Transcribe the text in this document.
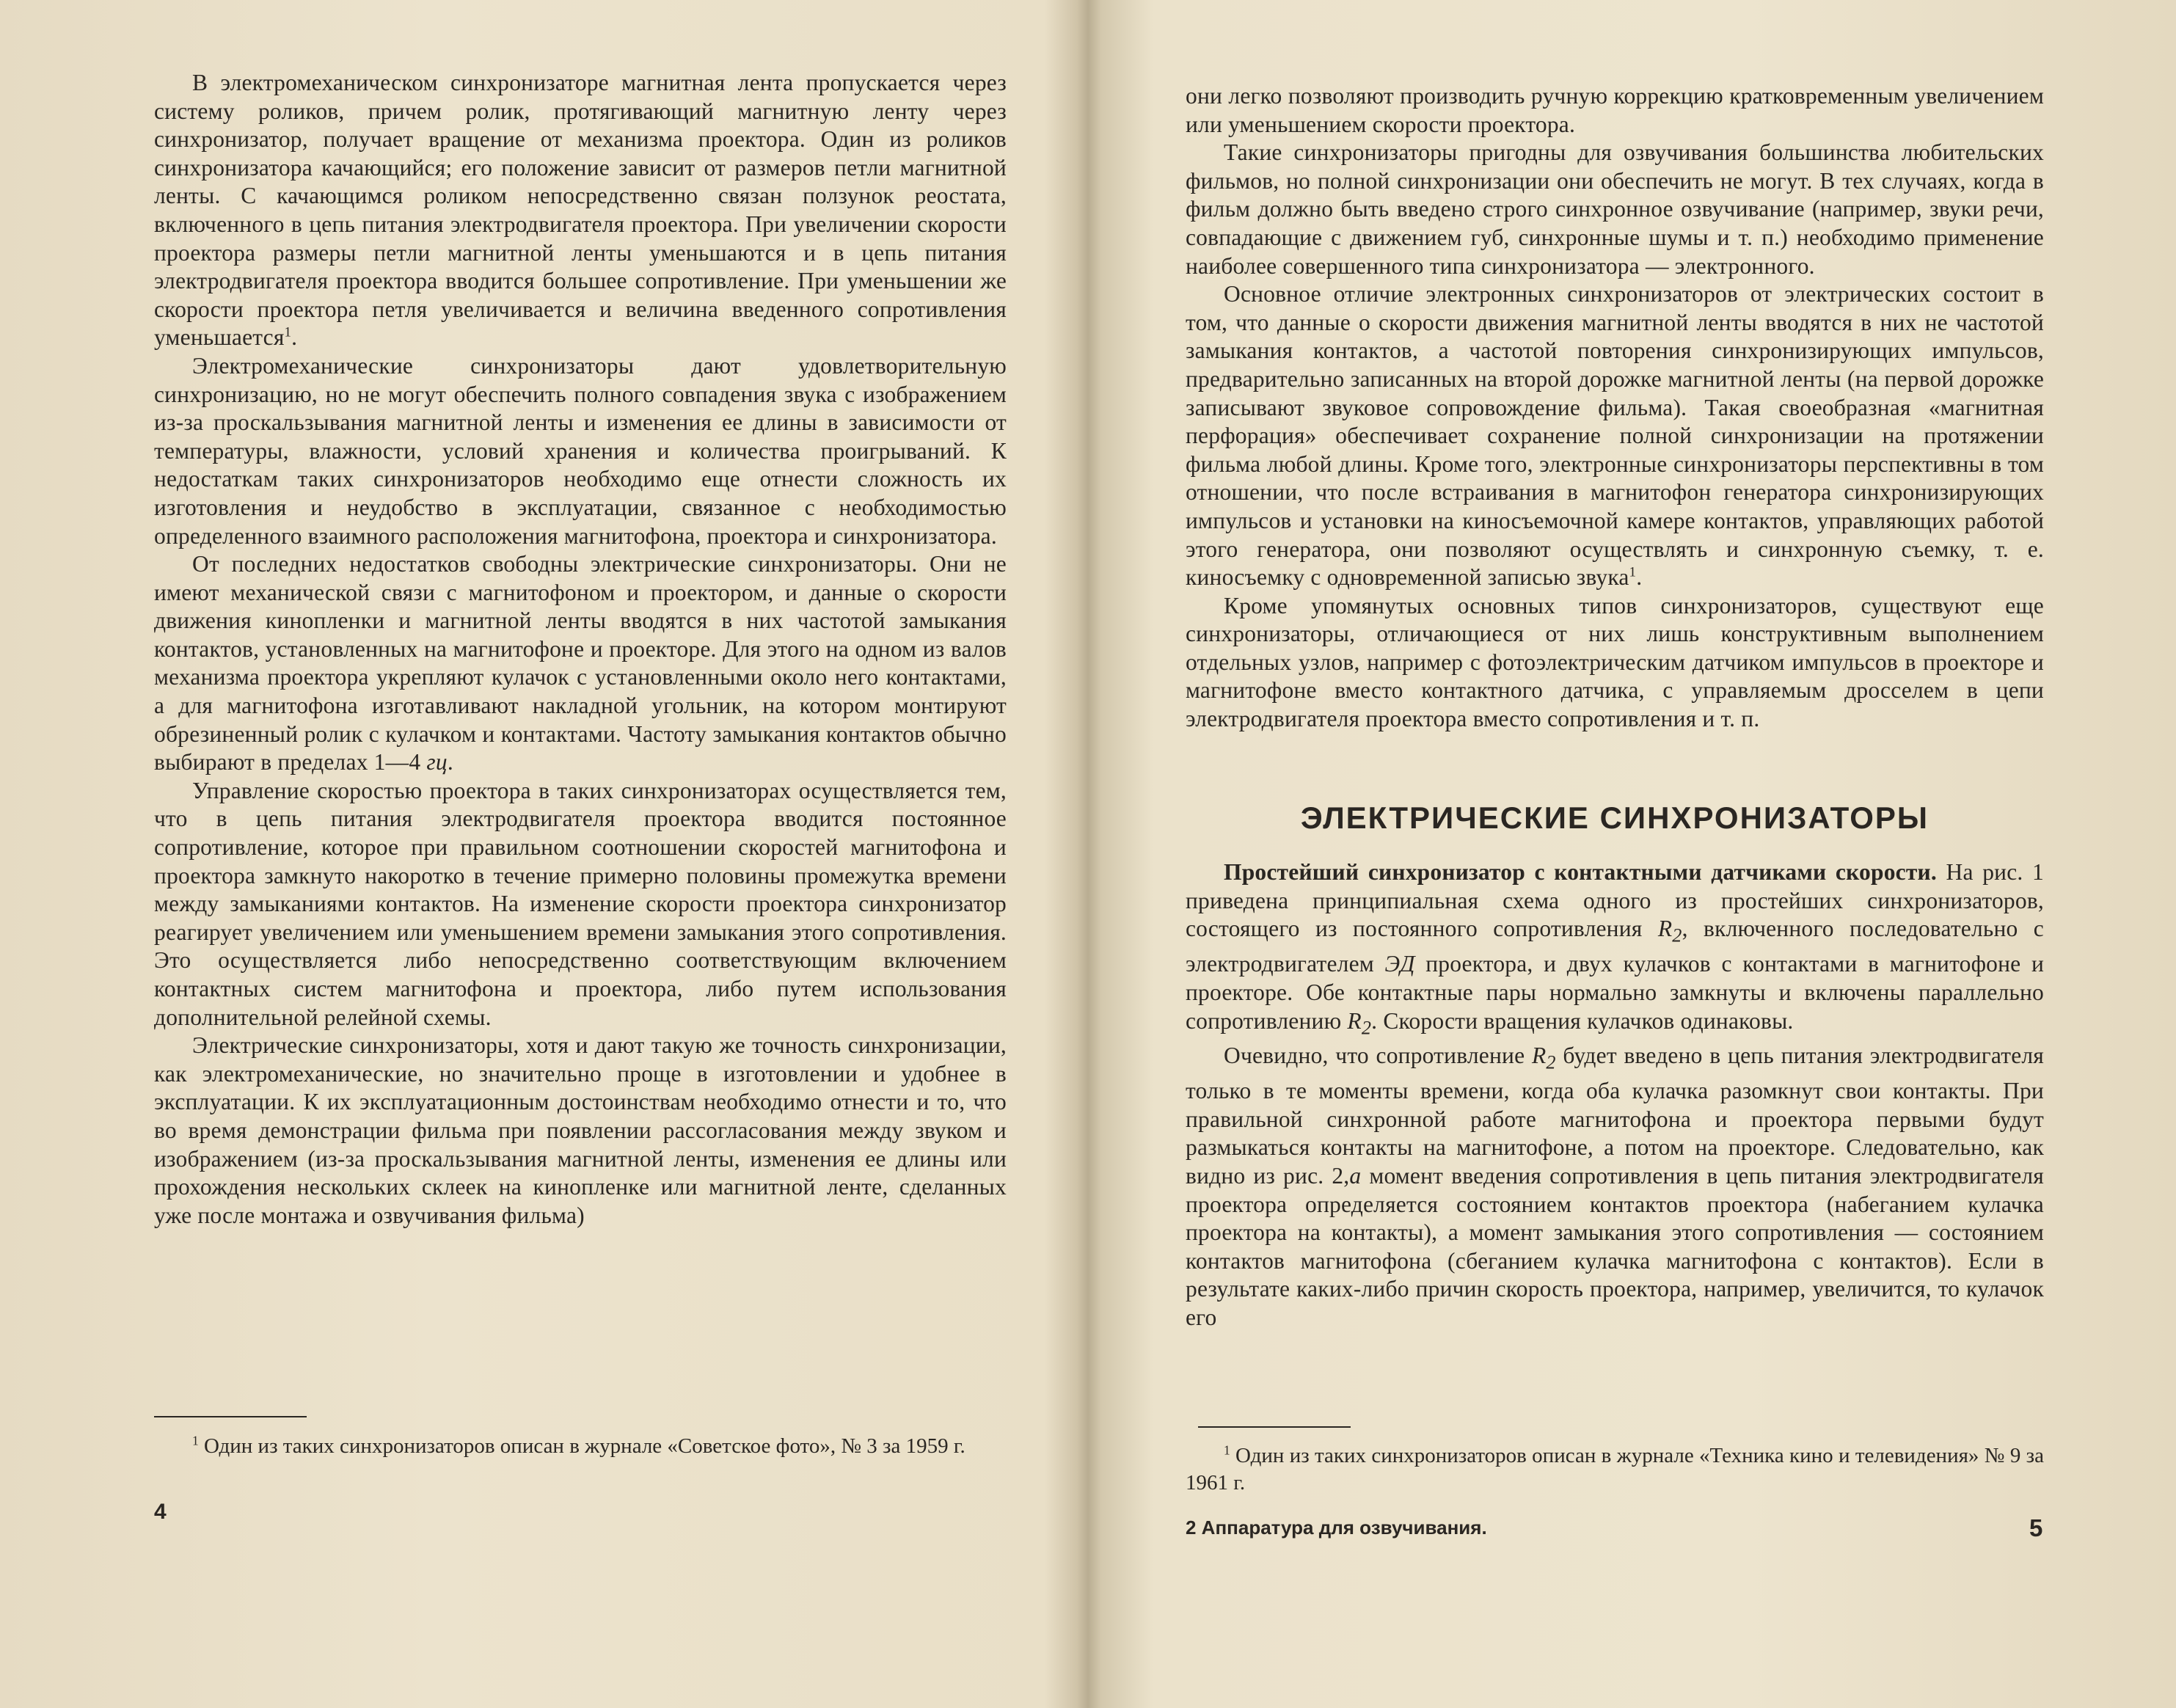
В электромеханическом синхронизаторе магнитная лента пропускается через систему роликов, причем ролик, протягивающий магнитную ленту через синхронизатор, получает вращение от механизма проектора. Один из роликов синхронизатора качающийся; его положение зависит от размеров петли магнитной ленты. С качающимся роликом непосредственно связан ползунок реостата, включенного в цепь питания электродвигателя проектора. При увеличении скорости проектора размеры петли магнитной ленты уменьшаются и в цепь питания электродвигателя проектора вводится большее сопротивление. При уменьшении же скорости проектора петля увеличивается и величина введенного сопротивления уменьшается$^1$.

Электромеханические синхронизаторы дают удовлетворительную синхронизацию, но не могут обеспечить полного совпадения звука с изображением из-за проскальзывания магнитной ленты и изменения ее длины в зависимости от температуры, влажности, условий хранения и количества проигрываний. К недостаткам таких синхронизаторов необходимо еще отнести сложность их изготовления и неудобство в эксплуатации, связанное с необходимостью определенного взаимного расположения магнитофона, проектора и синхронизатора.

От последних недостатков свободны электрические синхронизаторы. Они не имеют механической связи с магнитофоном и проектором, и данные о скорости движения кинопленки и магнитной ленты вводятся в них частотой замыкания контактов, установленных на магнитофоне и проекторе. Для этого на одном из валов механизма проектора укрепляют кулачок с установленными около него контактами, а для магнитофона изготавливают накладной угольник, на котором монтируют обрезиненный ролик с кулачком и контактами. Частоту замыкания контактов обычно выбирают в пределах 1—4 гц.

Управление скоростью проектора в таких синхронизаторах осуществляется тем, что в цепь питания электродвигателя проектора вводится постоянное сопротивление, которое при правильном соотношении скоростей магнитофона и проектора замкнуто накоротко в течение примерно половины промежутка времени между замыканиями контактов. На изменение скорости проектора синхронизатор реагирует увеличением или уменьшением времени замыкания этого сопротивления. Это осуществляется либо непосредственно соответствующим включением контактных систем магнитофона и проектора, либо путем использования дополнительной релейной схемы.

Электрические синхронизаторы, хотя и дают такую же точность синхронизации, как электромеханические, но значительно проще в изготовлении и удобнее в эксплуатации. К их эксплуатационным достоинствам необходимо отнести и то, что во время демонстрации фильма при появлении рассогласования между звуком и изображением (из-за проскальзывания магнитной ленты, изменения ее длины или прохождения нескольких склеек на кинопленке или магнитной ленте, сделанных уже после монтажа и озвучивания фильма)

$^1$ Один из таких синхронизаторов описан в журнале «Советское фото», № 3 за 1959 г.

4

они легко позволяют производить ручную коррекцию кратковременным увеличением или уменьшением скорости проектора.

Такие синхронизаторы пригодны для озвучивания большинства любительских фильмов, но полной синхронизации они обеспечить не могут. В тех случаях, когда в фильм должно быть введено строго синхронное озвучивание (например, звуки речи, совпадающие с движением губ, синхронные шумы и т. п.) необходимо применение наиболее совершенного типа синхронизатора — электронного.

Основное отличие электронных синхронизаторов от электрических состоит в том, что данные о скорости движения магнитной ленты вводятся в них не частотой замыкания контактов, а частотой повторения синхронизирующих импульсов, предварительно записанных на второй дорожке магнитной ленты (на первой дорожке записывают звуковое сопровождение фильма). Такая своеобразная «магнитная перфорация» обеспечивает сохранение полной синхронизации на протяжении фильма любой длины. Кроме того, электронные синхронизаторы перспективны в том отношении, что после встраивания в магнитофон генератора синхронизирующих импульсов и установки на киносъемочной камере контактов, управляющих работой этого генератора, они позволяют осуществлять и синхронную съемку, т. е. киносъемку с одновременной записью звука$^1$.

Кроме упомянутых основных типов синхронизаторов, существуют еще синхронизаторы, отличающиеся от них лишь конструктивным выполнением отдельных узлов, например с фотоэлектрическим датчиком импульсов в проекторе и магнитофоне вместо контактного датчика, с управляемым дросселем в цепи электродвигателя проектора вместо сопротивления и т. п.

ЭЛЕКТРИЧЕСКИЕ СИНХРОНИЗАТОРЫ

Простейший синхронизатор с контактными датчиками скорости. На рис. 1 приведена принципиальная схема одного из простейших синхронизаторов, состоящего из постоянного сопротивления $R_2$, включенного последовательно с электродвигателем ЭД проектора, и двух кулачков с контактами в магнитофоне и проекторе. Обе контактные пары нормально замкнуты и включены параллельно сопротивлению $R_2$. Скорости вращения кулачков одинаковы.

Очевидно, что сопротивление $R_2$ будет введено в цепь питания электродвигателя только в те моменты времени, когда оба кулачка разомкнут свои контакты. При правильной синхронной работе магнитофона и проектора первыми будут размыкаться контакты на магнитофоне, а потом на проекторе. Следовательно, как видно из рис. 2,а момент введения сопротивления в цепь питания электродвигателя проектора определяется состоянием контактов проектора (набеганием кулачка проектора на контакты), а момент замыкания этого сопротивления — состоянием контактов магнитофона (сбеганием кулачка магнитофона с контактов). Если в результате каких-либо причин скорость проектора, например, увеличится, то кулачок его

$^1$ Один из таких синхронизаторов описан в журнале «Техника кино и телевидения» № 9 за 1961 г.

2 Аппаратура для озвучивания.	5
